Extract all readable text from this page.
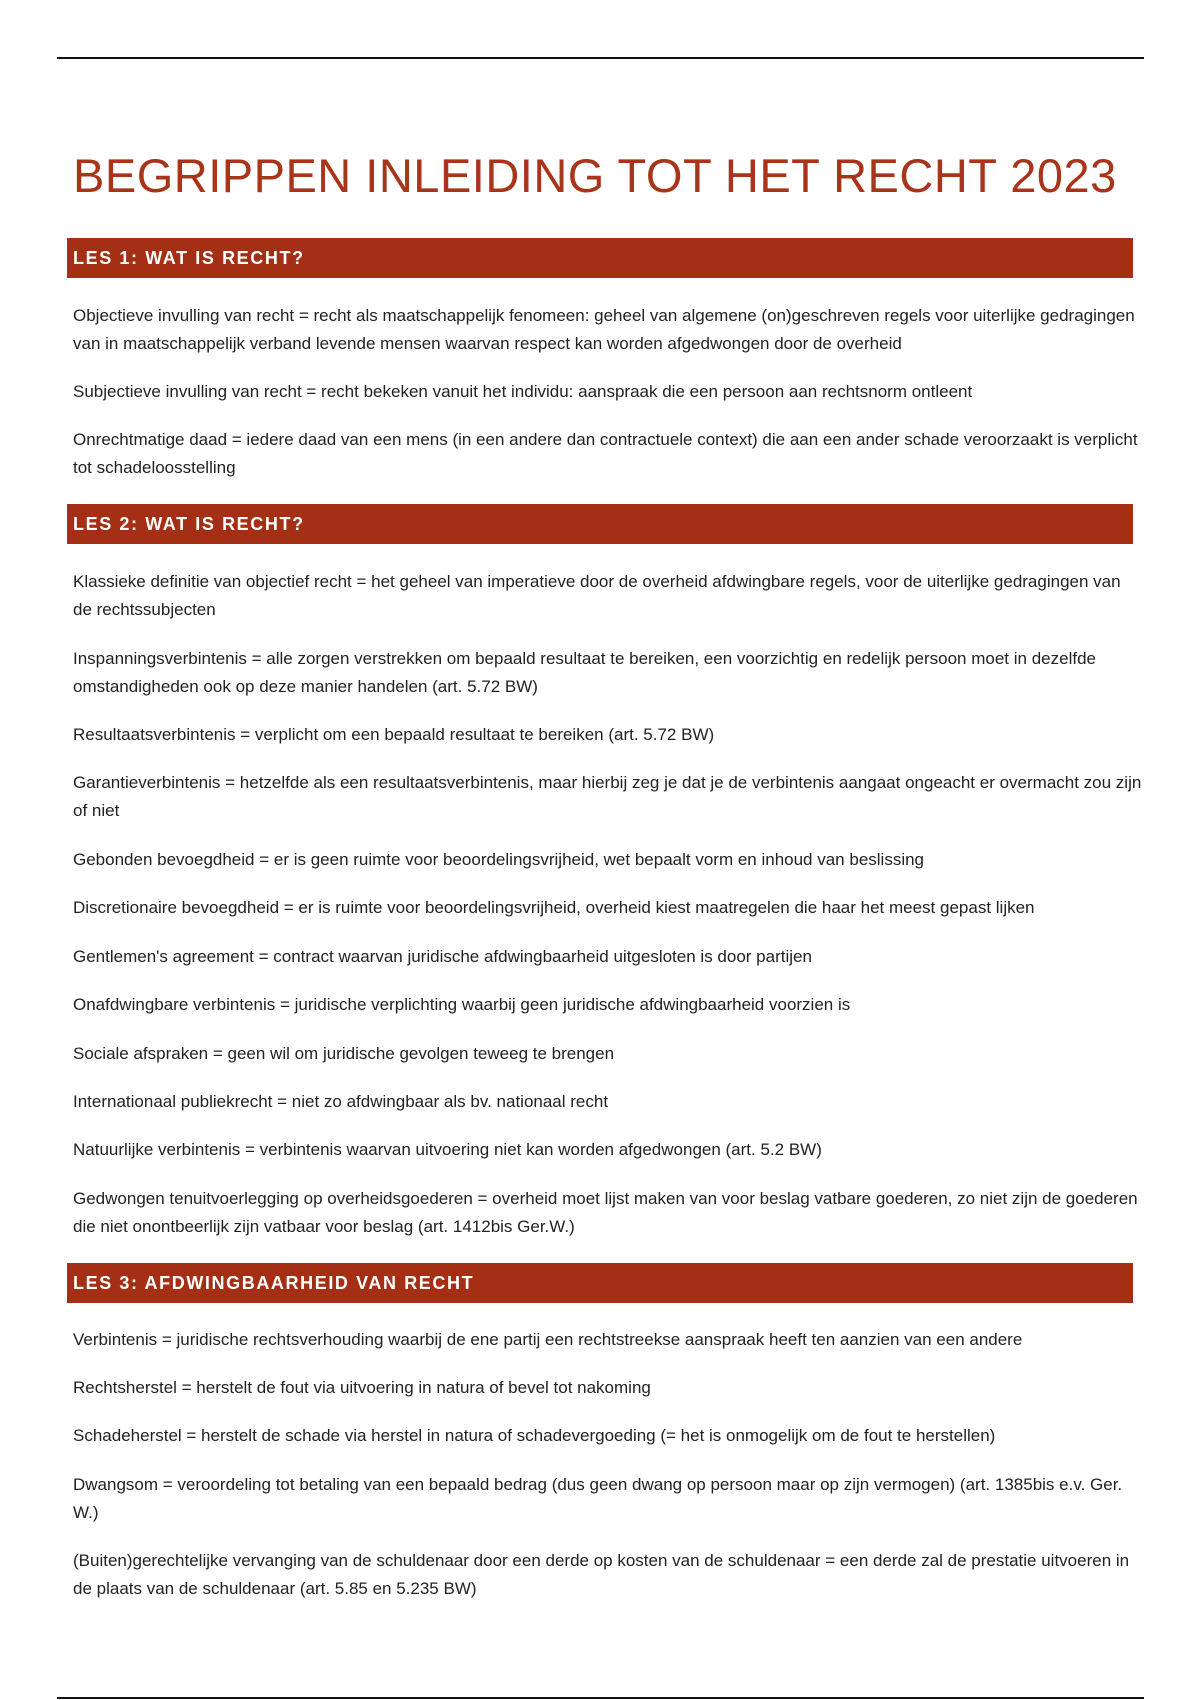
BEGRIPPEN INLEIDING TOT HET RECHT 2023
LES 1: WAT IS RECHT?

Objectieve invulling van recht = recht als maatschappelijk fenomeen: geheel van algemene (on)geschreven regels voor uiterlijke gedragingen van in maatschappelijk verband levende mensen waarvan respect kan worden afgedwongen door de overheid

Subjectieve invulling van recht = recht bekeken vanuit het individu: aanspraak die een persoon aan rechtsnorm ontleent

Onrechtmatige daad = iedere daad van een mens (in een andere dan contractuele context) die aan een ander schade veroorzaakt is verplicht tot schadeloosstelling

LES 2: WAT IS RECHT?

Klassieke definitie van objectief recht = het geheel van imperatieve door de overheid afdwingbare regels, voor de uiterlijke gedragingen van de rechtssubjecten

Inspanningsverbintenis = alle zorgen verstrekken om bepaald resultaat te bereiken, een voorzichtig en redelijk persoon moet in dezelfde omstandigheden ook op deze manier handelen (art. 5.72 BW)

Resultaatsverbintenis = verplicht om een bepaald resultaat te bereiken (art. 5.72 BW)

Garantieverbintenis = hetzelfde als een resultaatsverbintenis, maar hierbij zeg je dat je de verbintenis aangaat ongeacht er overmacht zou zijn of niet

Gebonden bevoegdheid = er is geen ruimte voor beoordelingsvrijheid, wet bepaalt vorm en inhoud van beslissing

Discretionaire bevoegdheid = er is ruimte voor beoordelingsvrijheid, overheid kiest maatregelen die haar het meest gepast lijken

Gentlemen's agreement = contract waarvan juridische afdwingbaarheid uitgesloten is door partijen

Onafdwingbare verbintenis = juridische verplichting waarbij geen juridische afdwingbaarheid voorzien is

Sociale afspraken = geen wil om juridische gevolgen teweeg te brengen

Internationaal publiekrecht = niet zo afdwingbaar als bv. nationaal recht

Natuurlijke verbintenis = verbintenis waarvan uitvoering niet kan worden afgedwongen (art. 5.2 BW)

Gedwongen tenuitvoerlegging op overheidsgoederen = overheid moet lijst maken van voor beslag vatbare goederen, zo niet zijn de goederen die niet onontbeerlijk zijn vatbaar voor beslag (art. 1412bis Ger.W.)

LES 3: AFDWINGBAARHEID VAN RECHT

Verbintenis = juridische rechtsverhouding waarbij de ene partij een rechtstreekse aanspraak heeft ten aanzien van een andere

Rechtsherstel = herstelt de fout via uitvoering in natura of bevel tot nakoming

Schadeherstel = herstelt de schade via herstel in natura of schadevergoeding (= het is onmogelijk om de fout te herstellen)

Dwangsom = veroordeling tot betaling van een bepaald bedrag (dus geen dwang op persoon maar op zijn vermogen) (art. 1385bis e.v. Ger. W.)

(Buiten)gerechtelijke vervanging van de schuldenaar door een derde op kosten van de schuldenaar = een derde zal de prestatie uitvoeren in de plaats van de schuldenaar (art. 5.85 en 5.235 BW)
